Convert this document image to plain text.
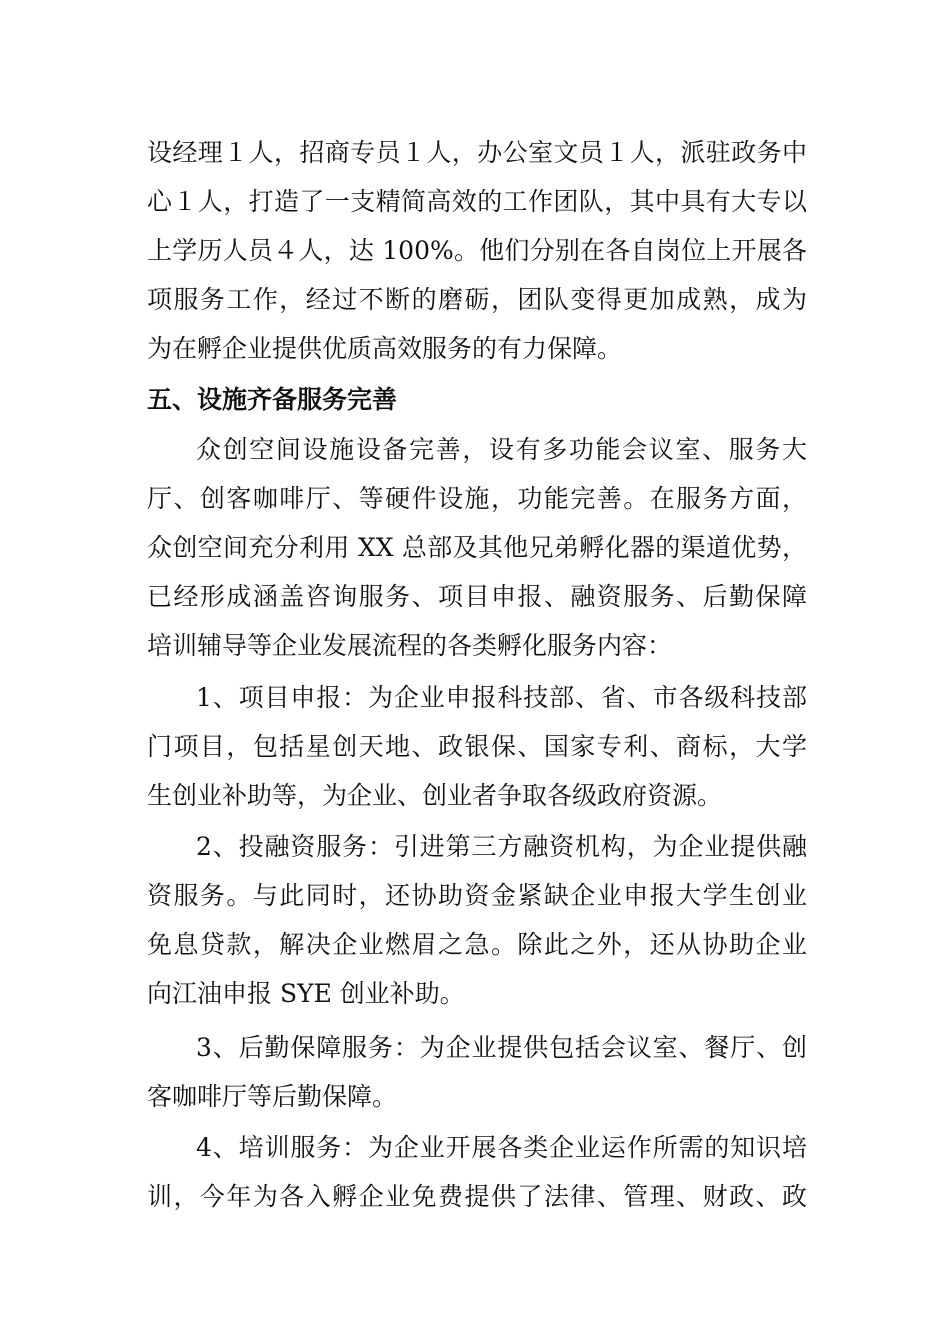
设经理１人，招商专员１人，办公室文员１人，派驻政务中
心１人，打造了一支精简高效的工作团队，其中具有大专以
上学历人员４人，达 100%。他们分别在各自岗位上开展各
项服务工作，经过不断的磨砺，团队变得更加成熟，成为
为在孵企业提供优质高效服务的有力保障。
五、设施齐备服务完善
众创空间设施设备完善，设有多功能会议室、服务大
厅、创客咖啡厅、等硬件设施，功能完善。在服务方面，
众创空间充分利用 XX 总部及其他兄弟孵化器的渠道优势，
已经形成涵盖咨询服务、项目申报、融资服务、后勤保障
培训辅导等企业发展流程的各类孵化服务内容：
1、项目申报：为企业申报科技部、省、市各级科技部
门项目，包括星创天地、政银保、国家专利、商标，大学
生创业补助等，为企业、创业者争取各级政府资源。
2、投融资服务：引进第三方融资机构，为企业提供融
资服务。与此同时，还协助资金紧缺企业申报大学生创业
免息贷款，解决企业燃眉之急。除此之外，还从协助企业
向江油申报 SYE 创业补助。
3、后勤保障服务：为企业提供包括会议室、餐厅、创
客咖啡厅等后勤保障。
4、培训服务：为企业开展各类企业运作所需的知识培
训，今年为各入孵企业免费提供了法律、管理、财政、政
